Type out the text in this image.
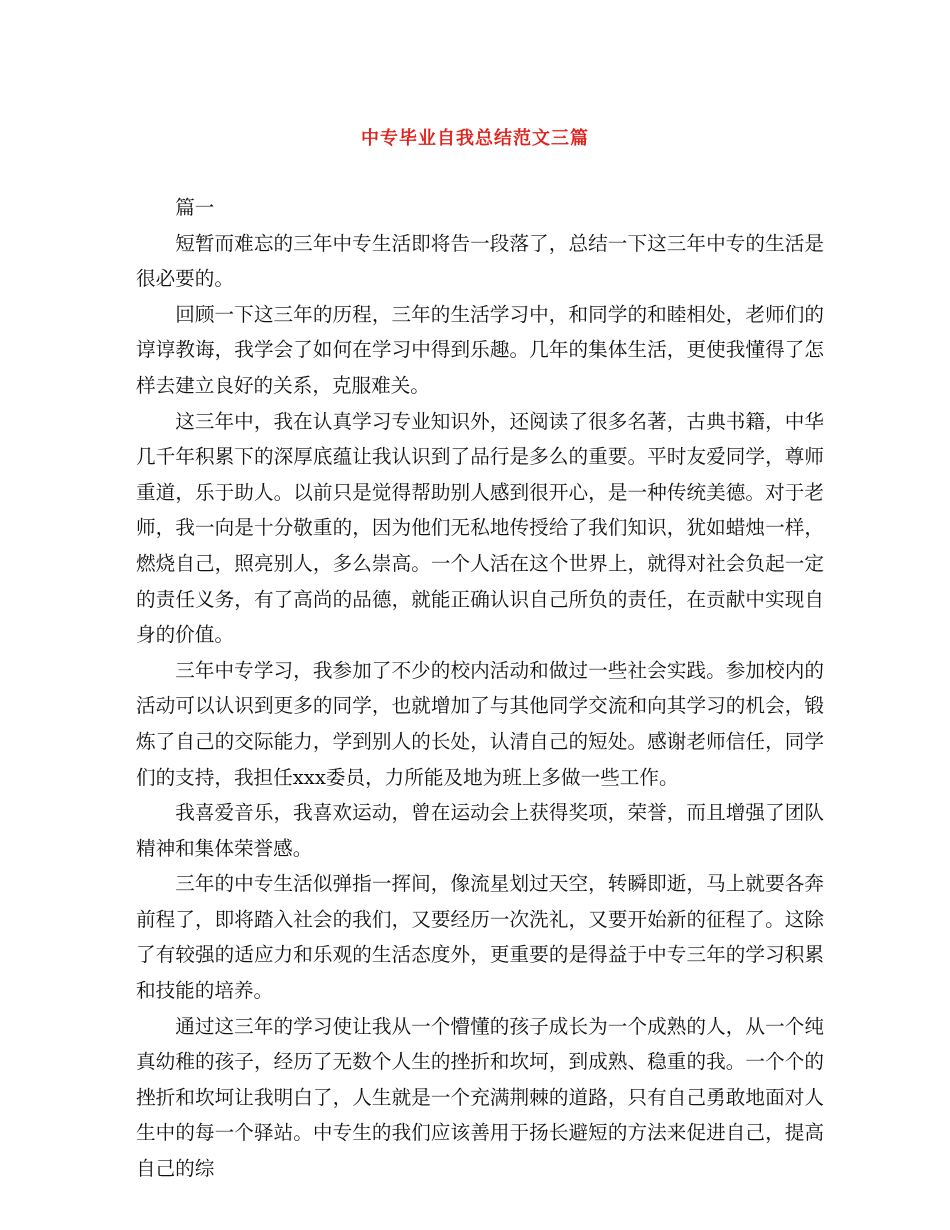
中专毕业自我总结范文三篇

篇一

短暂而难忘的三年中专生活即将告一段落了，总结一下这三年中专的生活是很必要的。

回顾一下这三年的历程，三年的生活学习中，和同学的和睦相处，老师们的谆谆教诲，我学会了如何在学习中得到乐趣。几年的集体生活，更使我懂得了怎样去建立良好的关系，克服难关。

这三年中，我在认真学习专业知识外，还阅读了很多名著，古典书籍，中华几千年积累下的深厚底蕴让我认识到了品行是多么的重要。平时友爱同学，尊师重道，乐于助人。以前只是觉得帮助别人感到很开心，是一种传统美德。对于老师，我一向是十分敬重的，因为他们无私地传授给了我们知识，犹如蜡烛一样，燃烧自己，照亮别人，多么崇高。一个人活在这个世界上，就得对社会负起一定的责任义务，有了高尚的品德，就能正确认识自己所负的责任，在贡献中实现自身的价值。

三年中专学习，我参加了不少的校内活动和做过一些社会实践。参加校内的活动可以认识到更多的同学，也就增加了与其他同学交流和向其学习的机会，锻炼了自己的交际能力，学到别人的长处，认清自己的短处。感谢老师信任，同学们的支持，我担任xxx委员，力所能及地为班上多做一些工作。

我喜爱音乐，我喜欢运动，曾在运动会上获得奖项，荣誉，而且增强了团队精神和集体荣誉感。

三年的中专生活似弹指一挥间，像流星划过天空，转瞬即逝，马上就要各奔前程了，即将踏入社会的我们，又要经历一次洗礼，又要开始新的征程了。这除了有较强的适应力和乐观的生活态度外，更重要的是得益于中专三年的学习积累和技能的培养。

通过这三年的学习使让我从一个懵懂的孩子成长为一个成熟的人，从一个纯真幼稚的孩子，经历了无数个人生的挫折和坎坷，到成熟、稳重的我。一个个的挫折和坎坷让我明白了，人生就是一个充满荆棘的道路，只有自己勇敢地面对人生中的每一个驿站。中专生的我们应该善用于扬长避短的方法来促进自己，提高自己的综
